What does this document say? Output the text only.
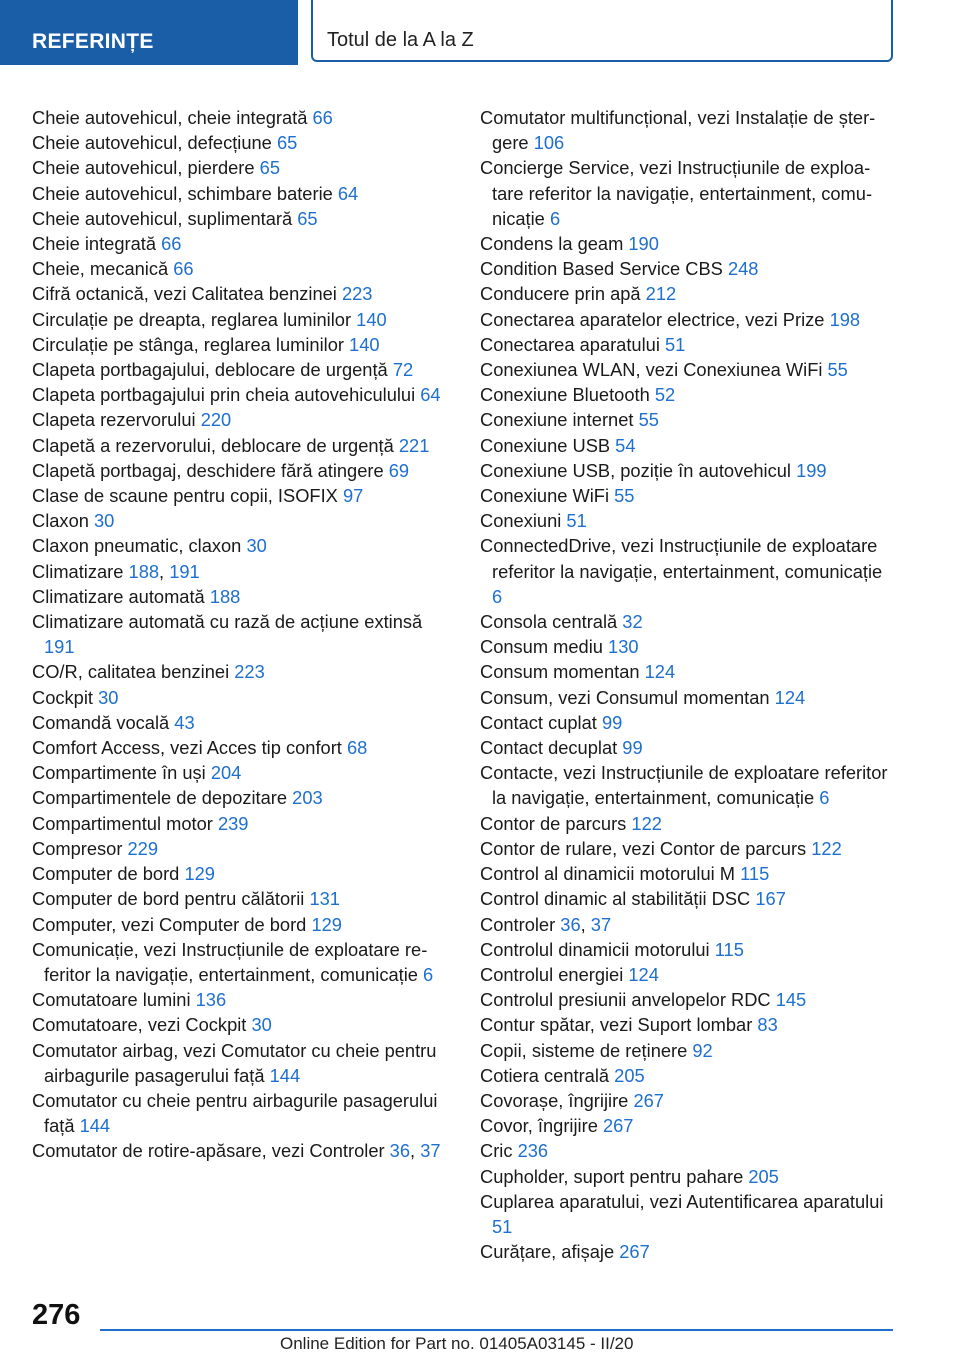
REFERINȚE	Totul de la A la Z
Cheie autovehicul, cheie integrată 66
Cheie autovehicul, defecțiune 65
Cheie autovehicul, pierdere 65
Cheie autovehicul, schimbare baterie 64
Cheie autovehicul, suplimentară 65
Cheie integrată 66
Cheie, mecanică 66
Cifră octanică, vezi Calitatea benzinei 223
Circulație pe dreapta, reglarea luminilor 140
Circulație pe stânga, reglarea luminilor 140
Clapeta portbagajului, deblocare de urgență 72
Clapeta portbagajului prin cheia autovehiculului 64
Clapeta rezervorului 220
Clapetă a rezervorului, deblocare de urgență 221
Clapetă portbagaj, deschidere fără atingere 69
Clase de scaune pentru copii, ISOFIX 97
Claxon 30
Claxon pneumatic, claxon 30
Climatizare 188, 191
Climatizare automată 188
Climatizare automată cu rază de acțiune extinsă 191
CO/R, calitatea benzinei 223
Cockpit 30
Comandă vocală 43
Comfort Access, vezi Acces tip confort 68
Compartimente în uși 204
Compartimentele de depozitare 203
Compartimentul motor 239
Compresor 229
Computer de bord 129
Computer de bord pentru călătorii 131
Computer, vezi Computer de bord 129
Comunicație, vezi Instrucțiunile de exploatare referitor la navigație, entertainment, comunicație 6
Comutatoare lumini 136
Comutatoare, vezi Cockpit 30
Comutator airbag, vezi Comutator cu cheie pentru airbagurile pasagerului față 144
Comutator cu cheie pentru airbagurile pasagerului față 144
Comutator de rotire-apăsare, vezi Controler 36, 37
Comutator multifuncțional, vezi Instalație de ștergere 106
Concierge Service, vezi Instrucțiunile de exploatare referitor la navigație, entertainment, comunicație 6
Condens la geam 190
Condition Based Service CBS 248
Conducere prin apă 212
Conectarea aparatelor electrice, vezi Prize 198
Conectarea aparatului 51
Conexiunea WLAN, vezi Conexiunea WiFi 55
Conexiune Bluetooth 52
Conexiune internet 55
Conexiune USB 54
Conexiune USB, poziție în autovehicul 199
Conexiune WiFi 55
Conexiuni 51
ConnectedDrive, vezi Instrucțiunile de exploatare referitor la navigație, entertainment, comunicație 6
Consola centrală 32
Consum mediu 130
Consum momentan 124
Consum, vezi Consumul momentan 124
Contact cuplat 99
Contact decuplat 99
Contacte, vezi Instrucțiunile de exploatare referitor la navigație, entertainment, comunicație 6
Contor de parcurs 122
Contor de rulare, vezi Contor de parcurs 122
Control al dinamicii motorului M 115
Control dinamic al stabilității DSC 167
Controler 36, 37
Controlul dinamicii motorului 115
Controlul energiei 124
Controlul presiunii anvelopelor RDC 145
Contur spătar, vezi Suport lombar 83
Copii, sisteme de reținere 92
Cotiera centrală 205
Covorașe, îngrijire 267
Covor, îngrijire 267
Cric 236
Cupholder, suport pentru pahare 205
Cuplarea aparatului, vezi Autentificarea aparatului 51
Curățare, afișaje 267
276
Online Edition for Part no. 01405A03145 - II/20
